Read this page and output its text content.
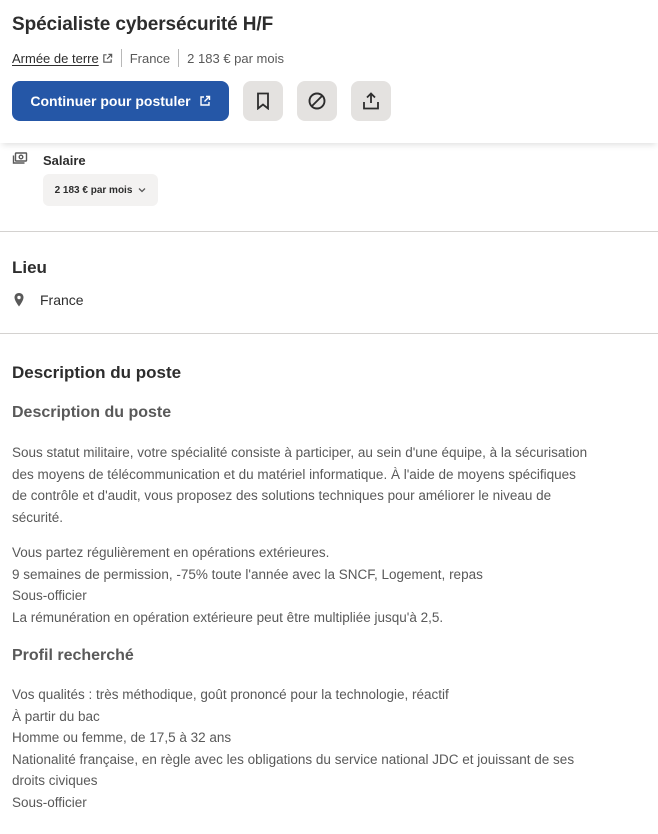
Spécialiste cybersécurité H/F
Armée de terre France 2 183 € par mois
Continuer pour postuler
Salaire
2 183 € par mois
Lieu
France
Description du poste
Description du poste
Sous statut militaire, votre spécialité consiste à participer, au sein d'une équipe, à la sécurisation
des moyens de télécommunication et du matériel informatique. À l'aide de moyens spécifiques
de contrôle et d'audit, vous proposez des solutions techniques pour améliorer le niveau de
sécurité.
Vous partez régulièrement en opérations extérieures.
9 semaines de permission, -75% toute l'année avec la SNCF, Logement, repas
Sous-officier
La rémunération en opération extérieure peut être multipliée jusqu'à 2,5.
Profil recherché
Vos qualités : très méthodique, goût prononcé pour la technologie, réactif
À partir du bac
Homme ou femme, de 17,5 à 32 ans
Nationalité française, en règle avec les obligations du service national JDC et jouissant de ses
droits civiques
Sous-officier
